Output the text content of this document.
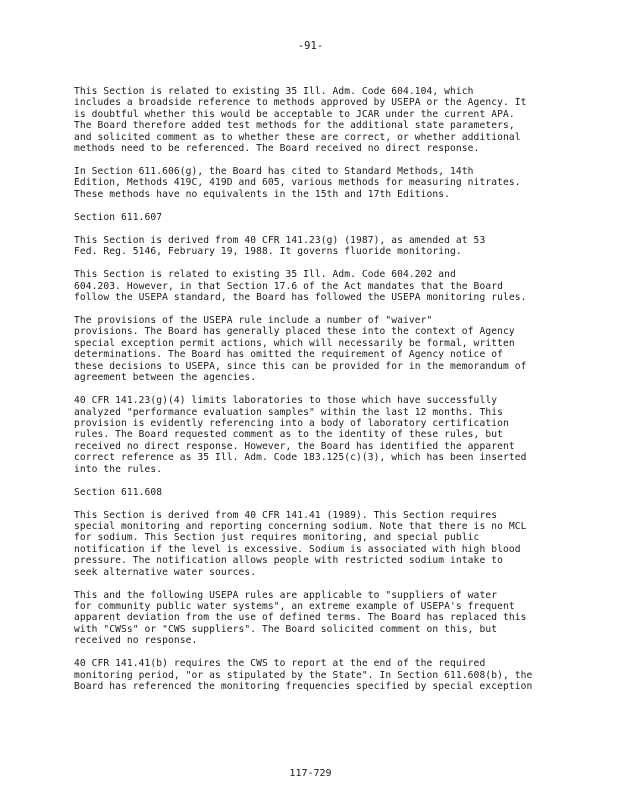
-91-

This Section is related to existing 35 Ill. Adm. Code 604.104, which
includes a broadside reference to methods approved by USEPA or the Agency. It
is doubtful whether this would be acceptable to JCAR under the current APA.
The Board therefore added test methods for the additional state parameters,
and solicited comment as to whether these are correct, or whether additional
methods need to be referenced. The Board received no direct response.

In Section 611.606(g), the Board has cited to Standard Methods, 14th
Edition, Methods 419C, 419D and 605, various methods for measuring nitrates.
These methods have no equivalents in the 15th and 17th Editions.

Section 611.607

This Section is derived from 40 CFR 141.23(g) (1987), as amended at 53
Fed. Reg. 5146, February 19, 1988. It governs fluoride monitoring.

This Section is related to existing 35 Ill. Adm. Code 604.202 and
604.203. However, in that Section 17.6 of the Act mandates that the Board
follow the USEPA standard, the Board has followed the USEPA monitoring rules.

The provisions of the USEPA rule include a number of "waiver"
provisions. The Board has generally placed these into the context of Agency
special exception permit actions, which will necessarily be formal, written
determinations. The Board has omitted the requirement of Agency notice of
these decisions to USEPA, since this can be provided for in the memorandum of
agreement between the agencies.

40 CFR 141.23(g)(4) limits laboratories to those which have successfully
analyzed "performance evaluation samples" within the last 12 months. This
provision is evidently referencing into a body of laboratory certification
rules. The Board requested comment as to the identity of these rules, but
received no direct response. However, the Board has identified the apparent
correct reference as 35 Ill. Adm. Code 183.125(c)(3), which has been inserted
into the rules.

Section 611.608

This Section is derived from 40 CFR 141.41 (1989). This Section requires
special monitoring and reporting concerning sodium. Note that there is no MCL
for sodium. This Section just requires monitoring, and special public
notification if the level is excessive. Sodium is associated with high blood
pressure. The notification allows people with restricted sodium intake to
seek alternative water sources.

This and the following USEPA rules are applicable to "suppliers of water
for community public water systems", an extreme example of USEPA's frequent
apparent deviation from the use of defined terms. The Board has replaced this
with "CWSs" or "CWS suppliers". The Board solicited comment on this, but
received no response.

40 CFR 141.41(b) requires the CWS to report at the end of the required
monitoring period, "or as stipulated by the State". In Section 611.608(b), the
Board has referenced the monitoring frequencies specified by special exception

117-729
